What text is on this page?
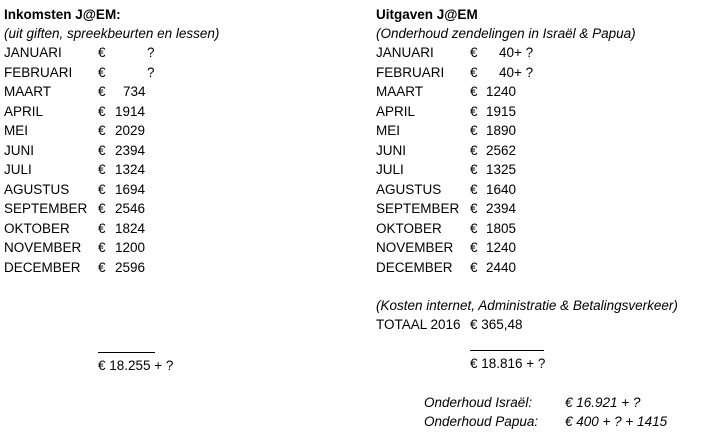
Inkomsten J@EM:
(uit giften, spreekbeurten en lessen)
JANUARI	€	?
FEBRUARI €	?
MAART	€ 734
APRIL	€ 1914
MEI	€ 2029
JUNI	€ 2394
JULI	€ 1324
AGUSTUS € 1694
SEPTEMBER € 2546
OKTOBER € 1824
NOVEMBER € 1200
DECEMBER € 2596
€ 18.255 + ?
Uitgaven J@EM
(Onderhoud zendelingen in Israël & Papua)
JANUARI	€ 40+ ?
FEBRUARI € 40+ ?
MAART	€ 1240
APRIL	€ 1915
MEI	€ 1890
JUNI	€ 2562
JULI	€ 1325
AGUSTUS € 1640
SEPTEMBER € 2394
OKTOBER € 1805
NOVEMBER € 1240
DECEMBER € 2440
(Kosten internet, Administratie & Betalingsverkeer)
TOTAAL 2016 € 365,48
€ 18.816 + ?
Onderhoud Israël: € 16.921 + ?
Onderhoud Papua: € 400 + ? + 1415
